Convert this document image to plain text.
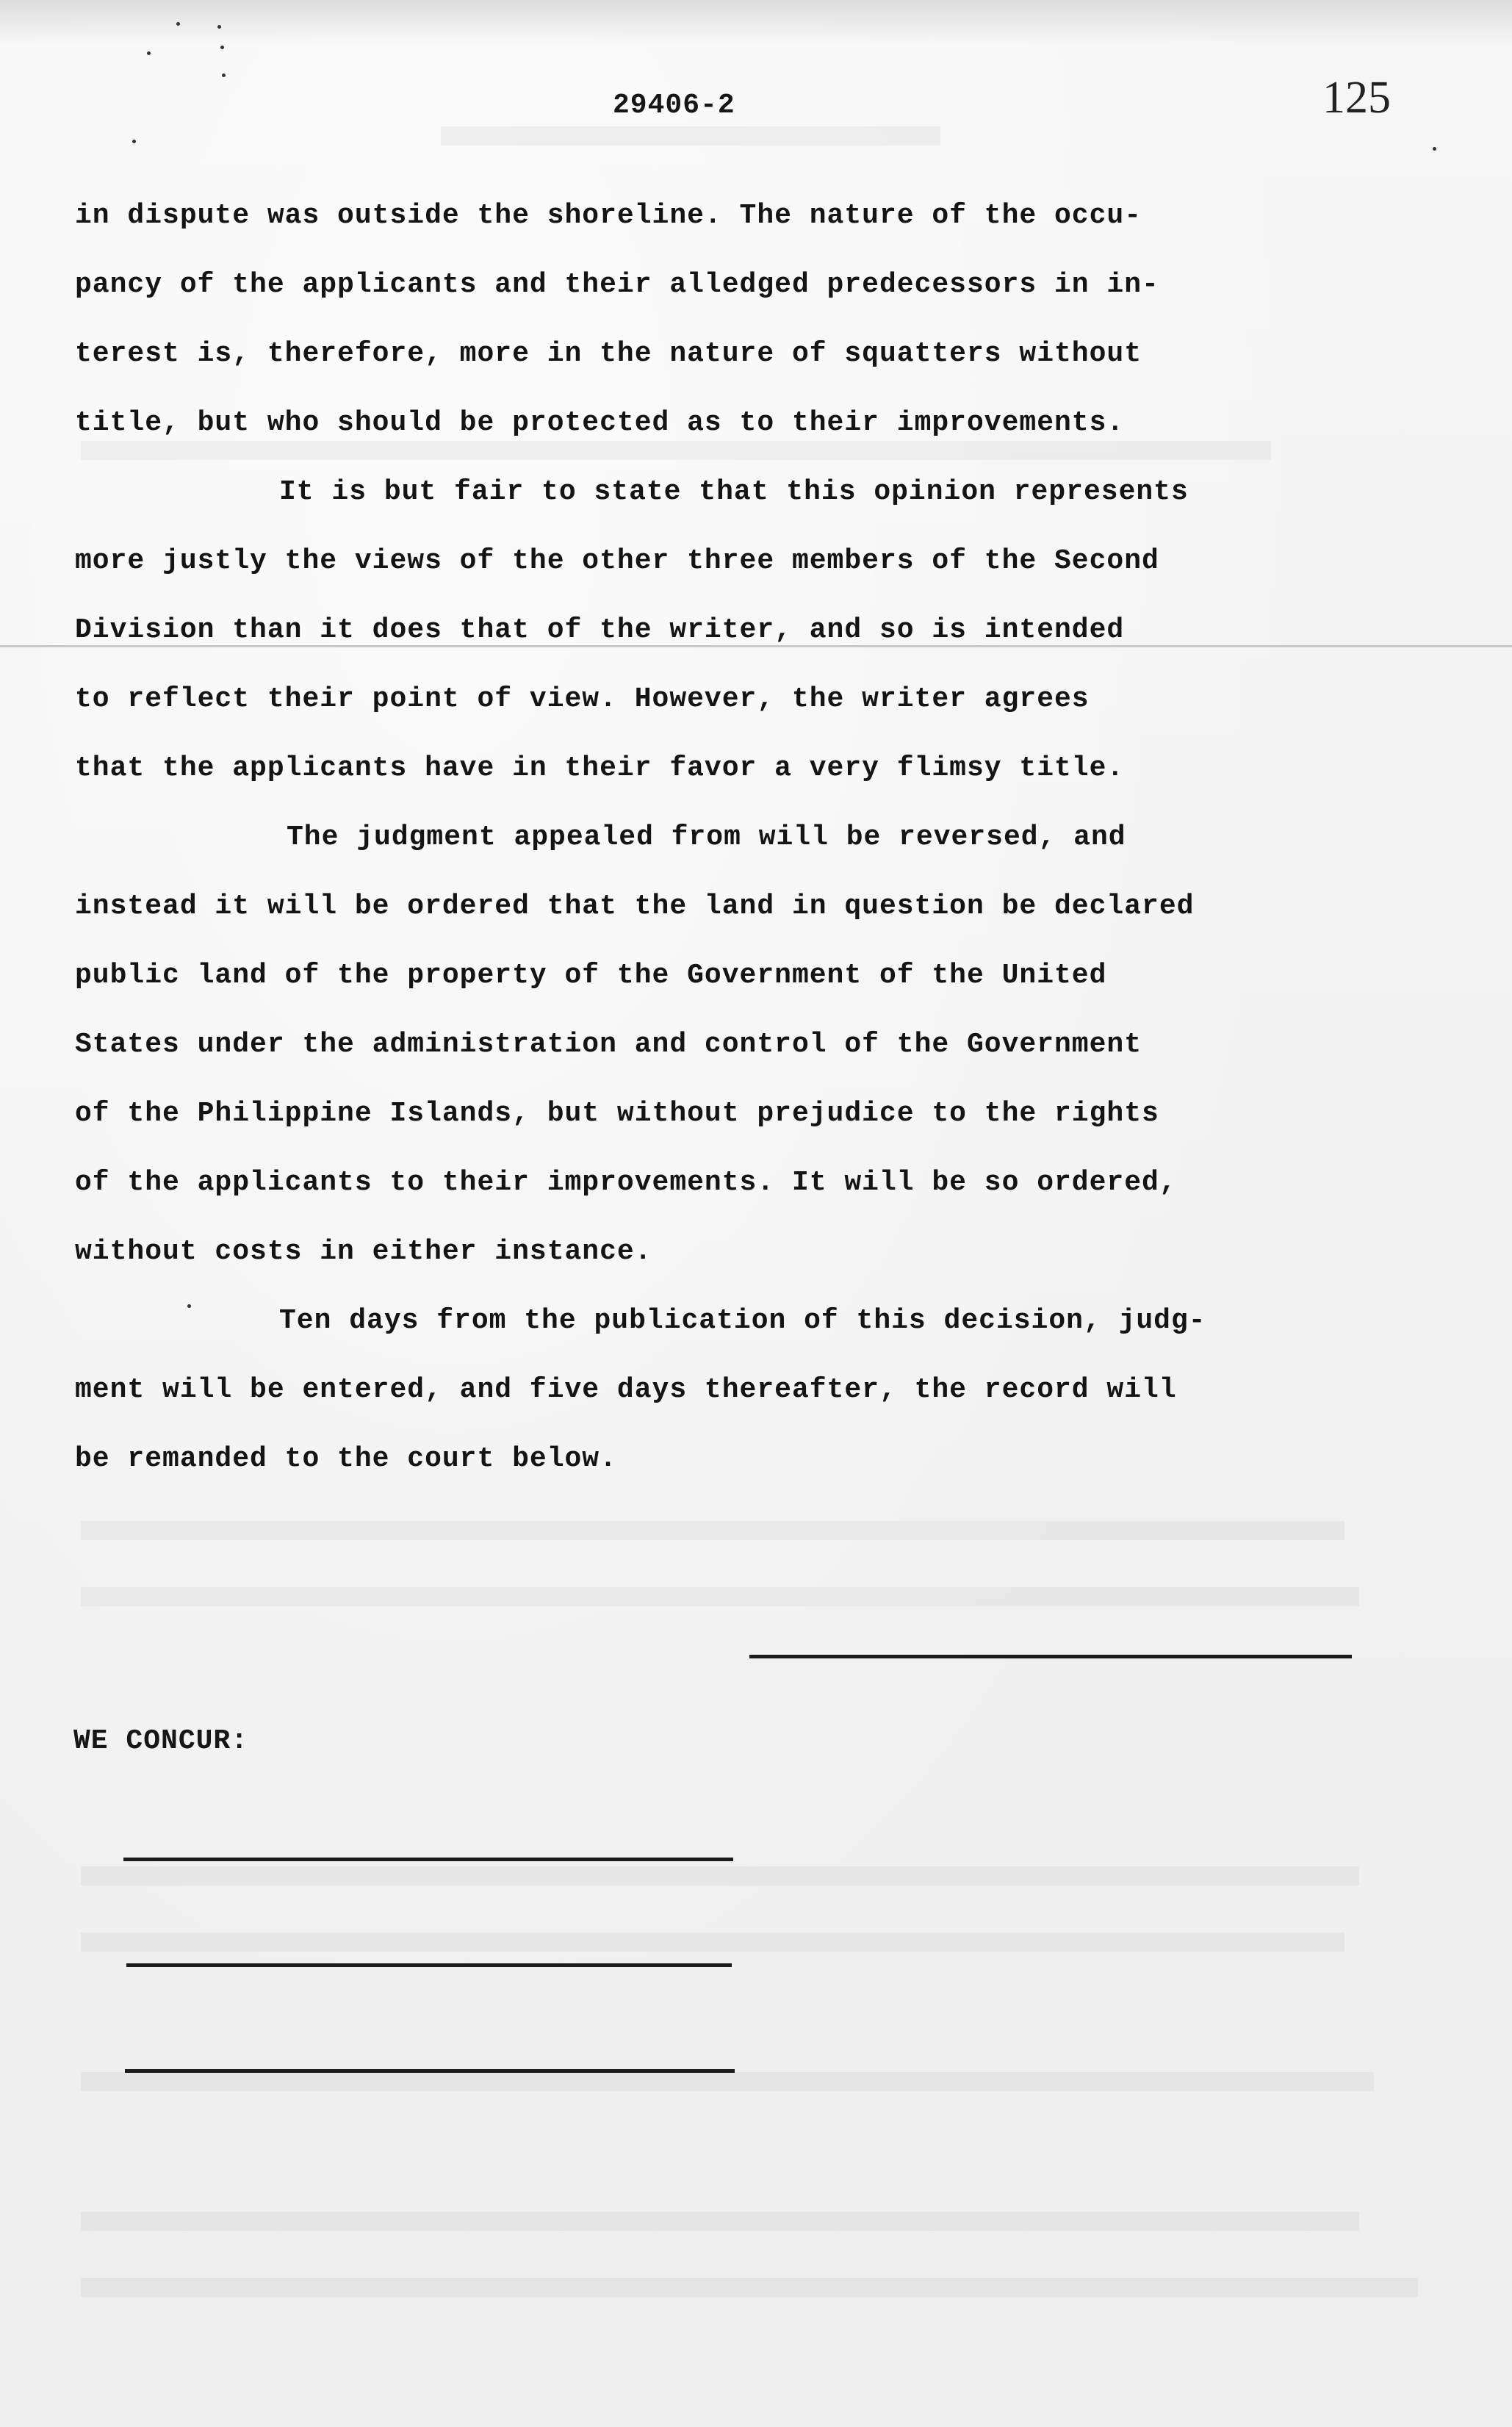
29406-2	125
in dispute was outside the shoreline. The nature of the occu-
pancy of the applicants and their alledged predecessors in in-
terest is, therefore, more in the nature of squatters without
title, but who should be protected as to their improvements.
It is but fair to state that this opinion represents
more justly the views of the other three members of the Second
Division than it does that of the writer, and so is intended
to reflect their point of view. However, the writer agrees
that the applicants have in their favor a very flimsy title.
The judgment appealed from will be reversed, and
instead it will be ordered that the land in question be declared
public land of the property of the Government of the United
States under the administration and control of the Government
of the Philippine Islands, but without prejudice to the rights
of the applicants to their improvements. It will be so ordered,
without costs in either instance.
Ten days from the publication of this decision, judg-
ment will be entered, and five days thereafter, the record will
be remanded to the court below.
WE CONCUR:
